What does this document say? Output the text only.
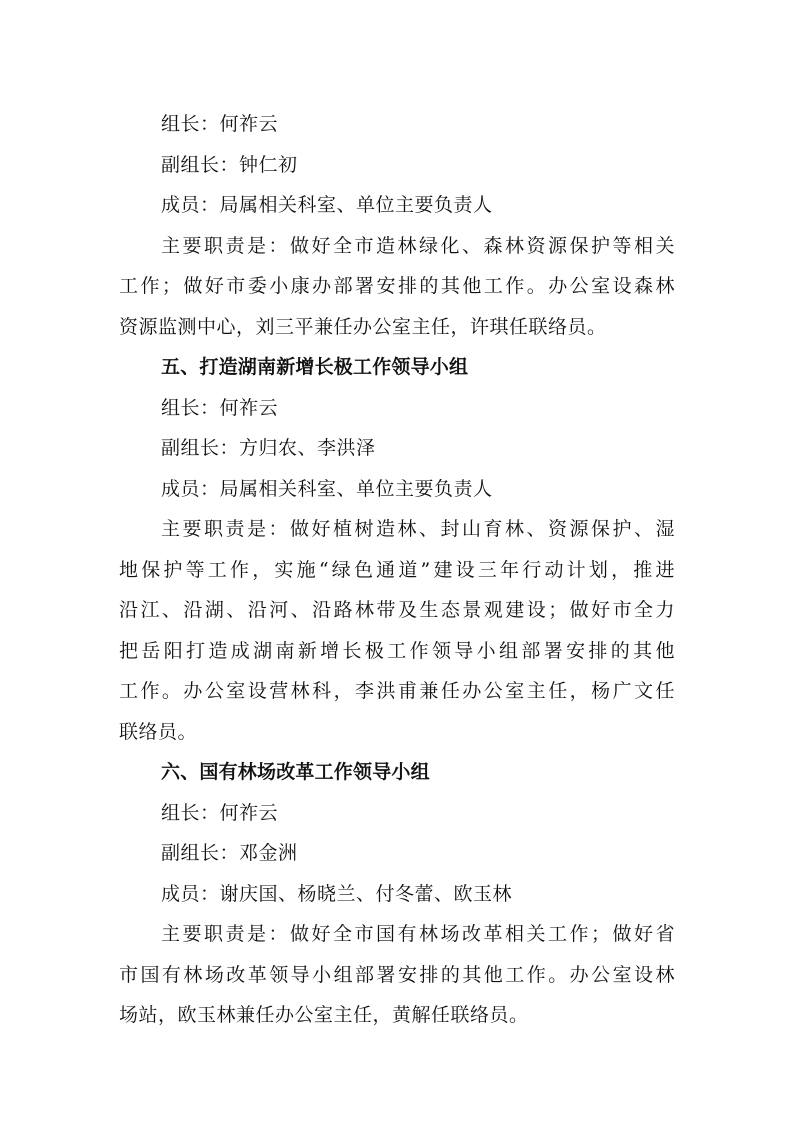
组长：何祚云
副组长：钟仁初
成员：局属相关科室、单位主要负责人
主要职责是：做好全市造林绿化、森林资源保护等相关
工作；做好市委小康办部署安排的其他工作。办公室设森林
资源监测中心，刘三平兼任办公室主任，许琪任联络员。
五、打造湖南新增长极工作领导小组
组长：何祚云
副组长：方归农、李洪泽
成员：局属相关科室、单位主要负责人
主要职责是：做好植树造林、封山育林、资源保护、湿
地保护等工作，实施“绿色通道”建设三年行动计划，推进
沿江、沿湖、沿河、沿路林带及生态景观建设；做好市全力
把岳阳打造成湖南新增长极工作领导小组部署安排的其他
工作。办公室设营林科，李洪甫兼任办公室主任，杨广文任
联络员。
六、国有林场改革工作领导小组
组长：何祚云
副组长：邓金洲
成员：谢庆国、杨晓兰、付冬蕾、欧玉林
主要职责是：做好全市国有林场改革相关工作；做好省
市国有林场改革领导小组部署安排的其他工作。办公室设林
场站，欧玉林兼任办公室主任，黄解任联络员。
